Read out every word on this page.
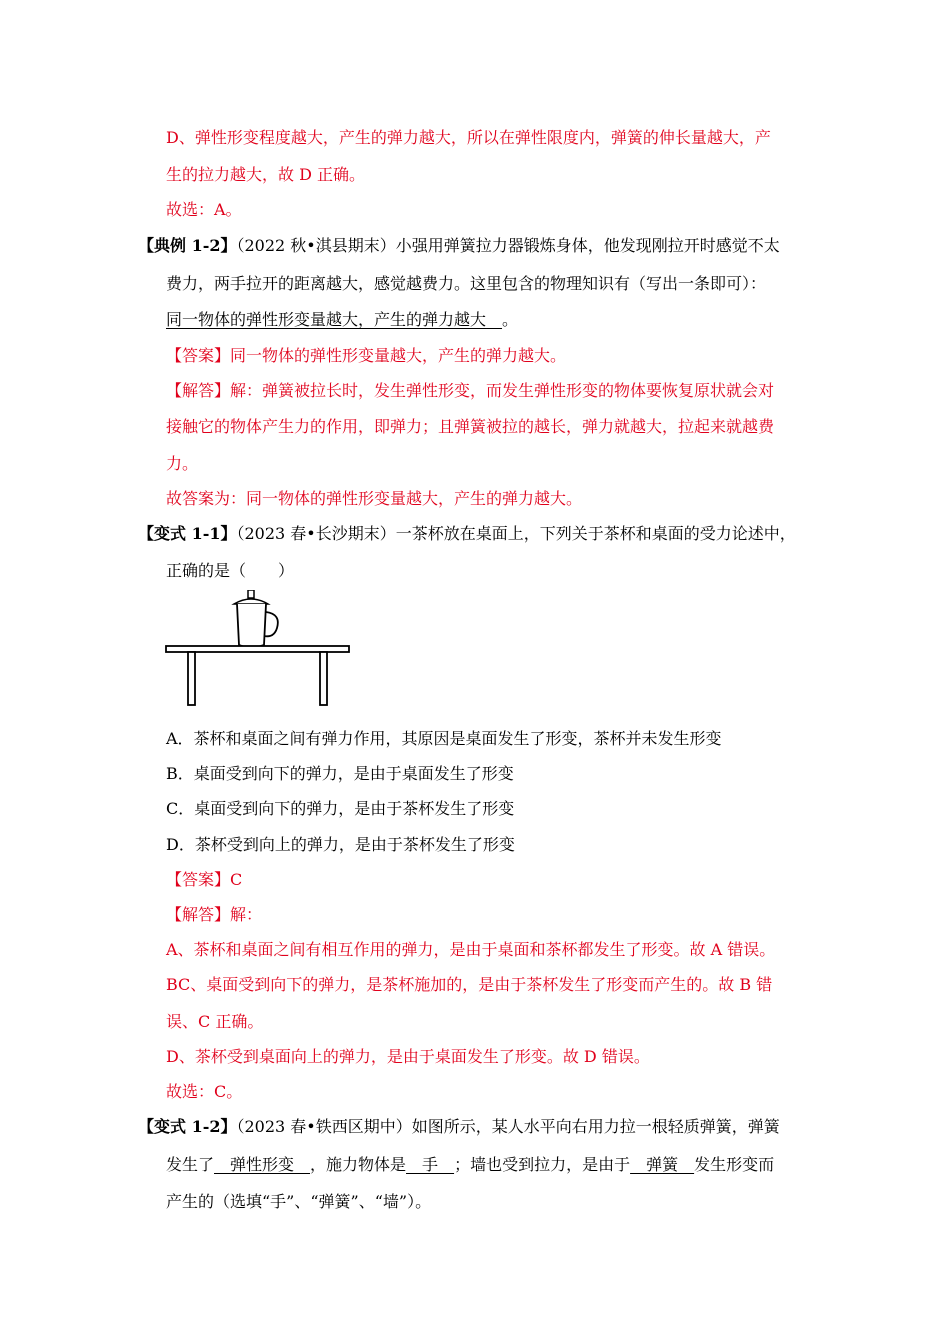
D、弹性形变程度越大，产生的弹力越大，所以在弹性限度内，弹簧的伸长量越大，产
生的拉力越大，故 D 正确。
故选：A。
【典例 1-2】（2022 秋•淇县期末）小强用弹簧拉力器锻炼身体，他发现刚拉开时感觉不太
费力，两手拉开的距离越大，感觉越费力。这里包含的物理知识有（写出一条即可）：
同一物体的弹性形变量越大，产生的弹力越大　 。
【答案】同一物体的弹性形变量越大，产生的弹力越大。
【解答】解：弹簧被拉长时，发生弹性形变，而发生弹性形变的物体要恢复原状就会对
接触它的物体产生力的作用，即弹力；且弹簧被拉的越长，弹力就越大，拉起来就越费
力。
故答案为：同一物体的弹性形变量越大，产生的弹力越大。
【变式 1-1】（2023 春•长沙期末）一茶杯放在桌面上，下列关于茶杯和桌面的受力论述中，
正确的是（　　）
A．茶杯和桌面之间有弹力作用，其原因是桌面发生了形变，茶杯并未发生形变
B．桌面受到向下的弹力，是由于桌面发生了形变
C．桌面受到向下的弹力，是由于茶杯发生了形变
D．茶杯受到向上的弹力，是由于茶杯发生了形变
【答案】C
【解答】解：
A、茶杯和桌面之间有相互作用的弹力，是由于桌面和茶杯都发生了形变。故 A 错误。
BC、桌面受到向下的弹力，是茶杯施加的，是由于茶杯发生了形变而产生的。故 B 错
误、C 正确。
D、茶杯受到桌面向上的弹力，是由于桌面发生了形变。故 D 错误。
故选：C。
【变式 1-2】（2023 春•铁西区期中）如图所示，某人水平向右用力拉一根轻质弹簧，弹簧
发生了　弹性形变　，施力物体是　手　；墙也受到拉力，是由于　弹簧　发生形变而
产生的（选填“手”、“弹簧”、“墙”）。
